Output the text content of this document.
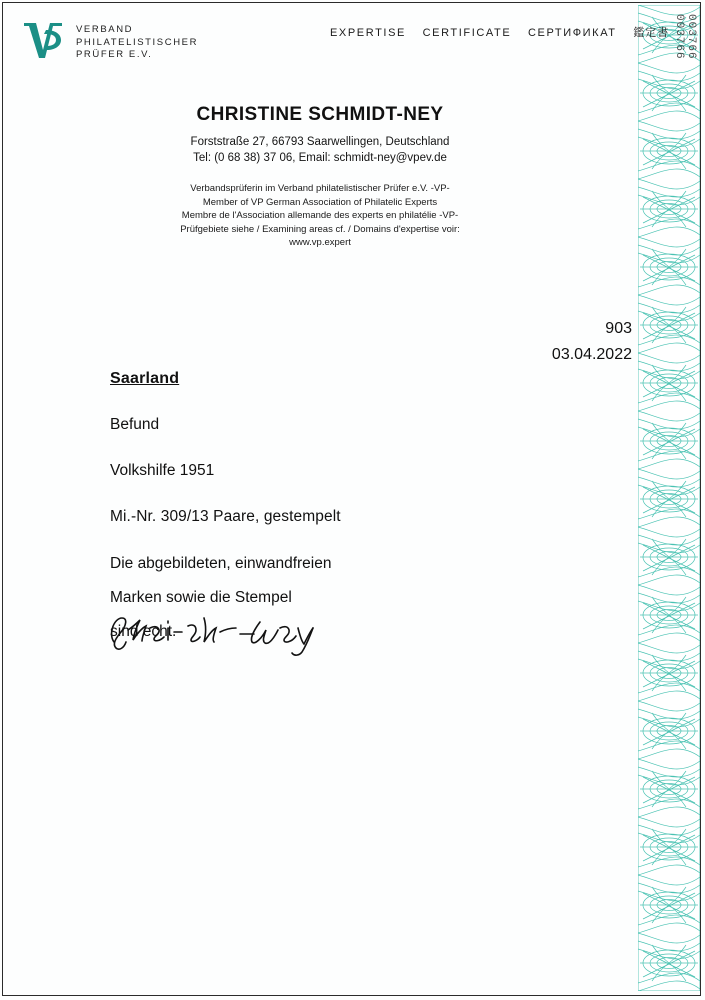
003766
003766
VERBAND
PHILATELISTISCHER
PRÜFER E.V.
EXPERTISE CERTIFICATE СЕРТИФИКАТ 鑑定書
CHRISTINE SCHMIDT-NEY
Forststraße 27, 66793 Saarwellingen, Deutschland
Tel: (0 68 38) 37 06, Email: schmidt-ney@vpev.de
Verbandsprüferin im Verband philatelistischer Prüfer e.V. -VP-
Member of VP German Association of Philatelic Experts
Membre de l'Association allemande des experts en philatélie -VP-
Prüfgebiete siehe / Examining areas cf. / Domains d'expertise voir:
www.vp.expert
903
03.04.2022
Saarland
Befund
Volkshilfe 1951
Mi.-Nr. 309/13 Paare, gestempelt
Die abgebildeten, einwandfreien
Marken sowie die Stempel
sind echt.
